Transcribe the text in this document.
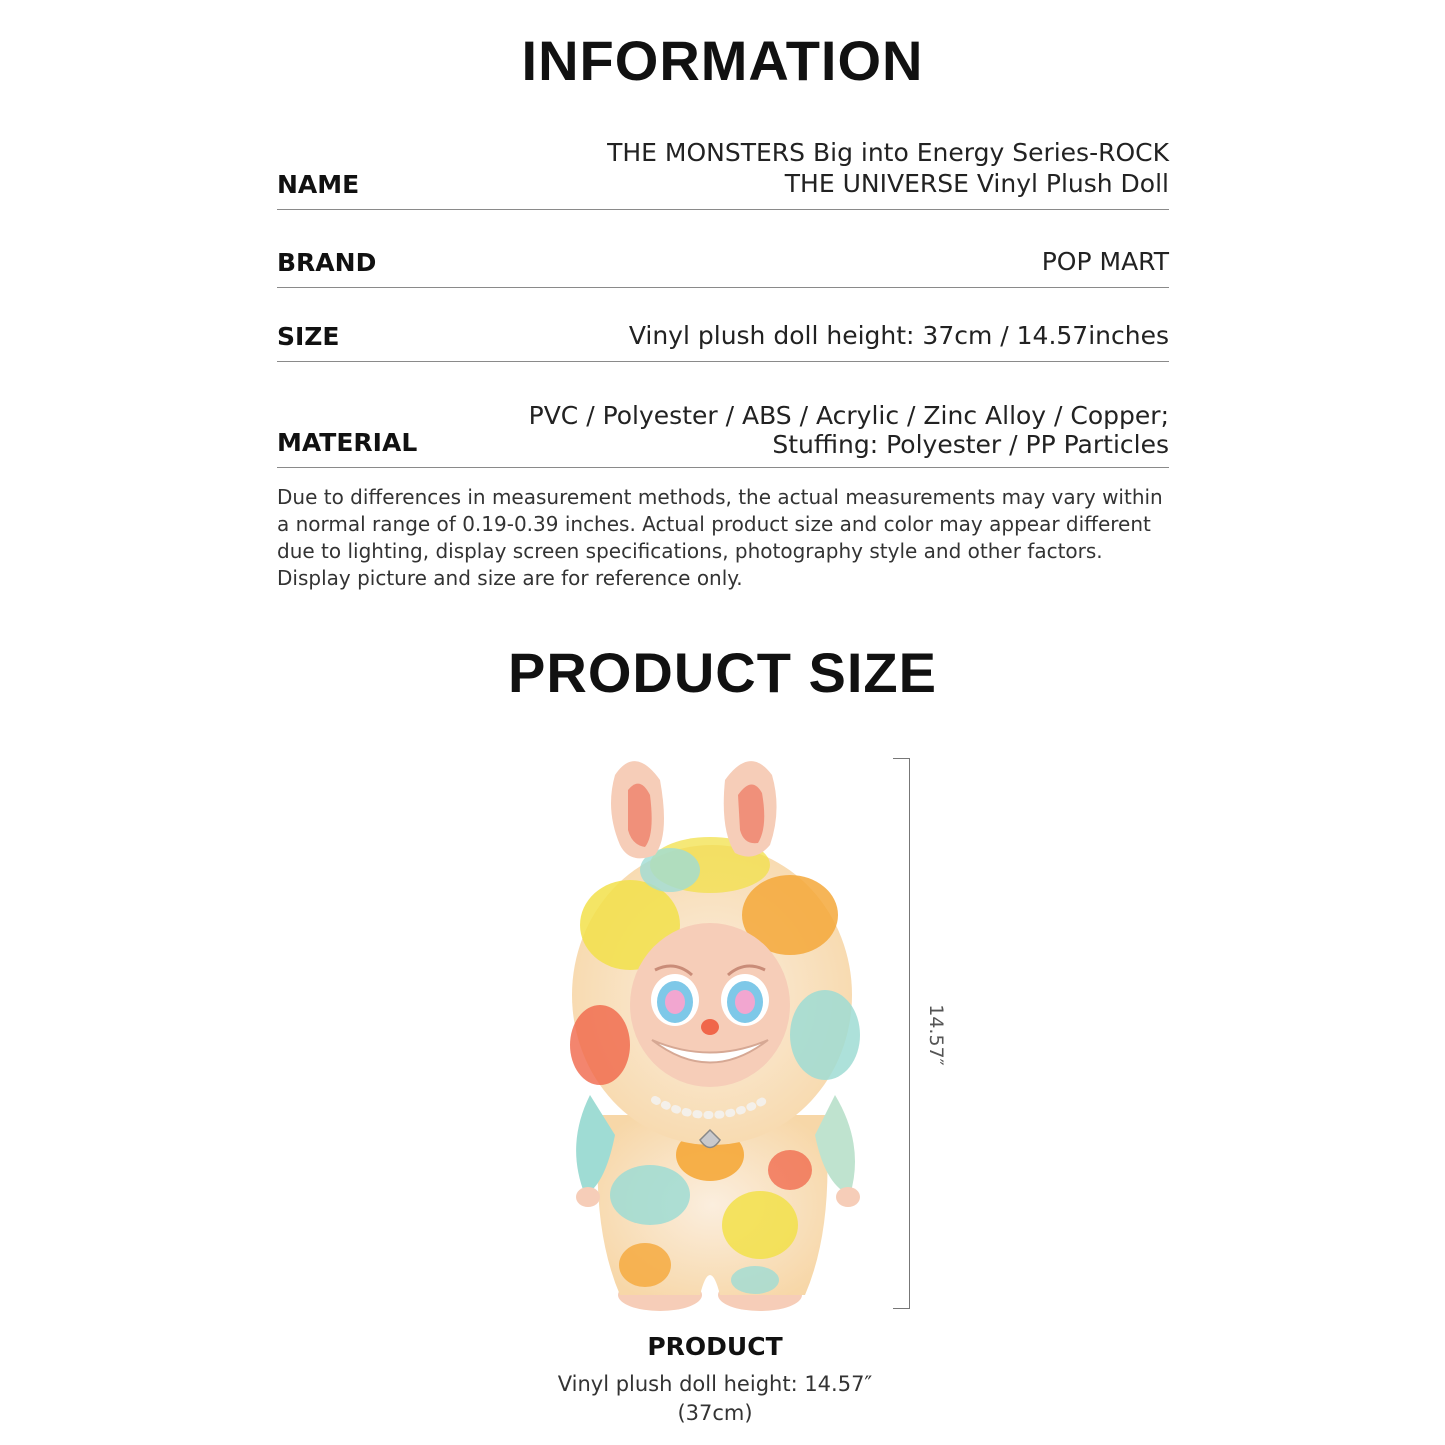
INFORMATION
NAME
THE MONSTERS Big into Energy Series-ROCK
THE UNIVERSE Vinyl Plush Doll
BRAND	POP MART
SIZE	Vinyl plush doll height: 37cm / 14.57inches
MATERIAL
PVC / Polyester / ABS / Acrylic / Zinc Alloy / Copper;
Stuffing: Polyester / PP Particles

Due to differences in measurement methods, the actual measurements may vary within a normal range of 0.19-0.39 inches. Actual product size and color may appear different due to lighting, display screen specifications, photography style and other factors. Display picture and size are for reference only.

PRODUCT SIZE
14.57″
PRODUCT
Vinyl plush doll height: 14.57″
(37cm)
